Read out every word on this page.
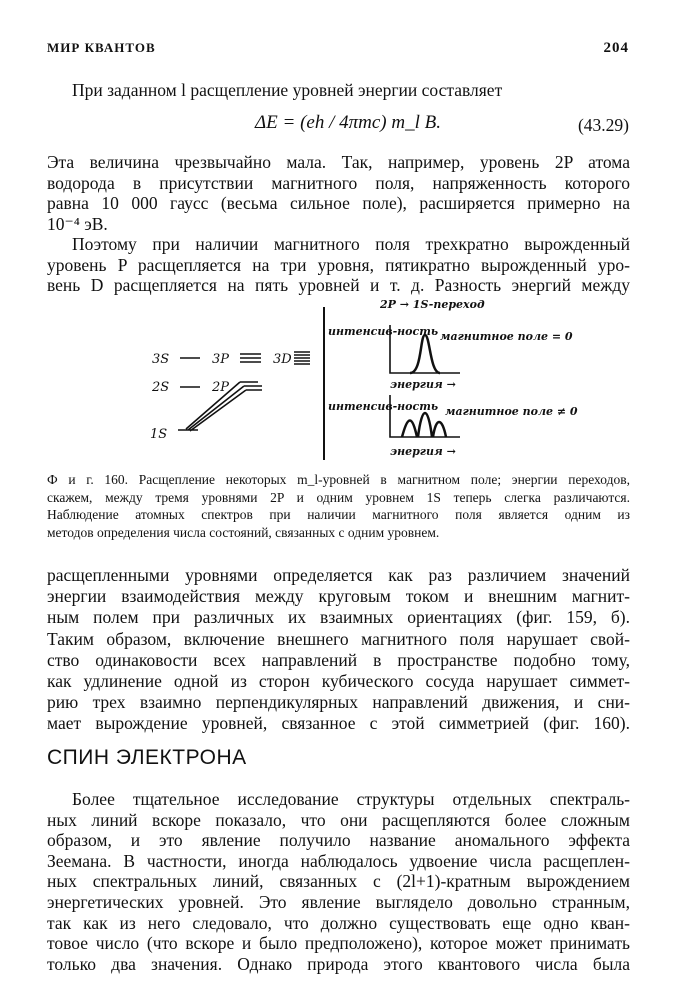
МИР КВАНТОВ	204
При заданном l расщепление уровней энергии составляет
ΔE = (eh / 4πmc) m_l B.	(43.29)
Эта величина чрезвычайно мала. Так, например, уровень 2P атома
водорода в присутствии магнитного поля, напряженность которого
равна 10 000 гаусс (весьма сильное поле), расширяется примерно на
10⁻⁴ эВ.
Поэтому при наличии магнитного поля трехкратно вырожденный
уровень P расщепляется на три уровня, пятикратно вырожденный уро-
вень D расщепляется на пять уровней и т. д. Разность энергий между
3S	3P	3D
2S	2P
1S
2P → 1S-переход
интенсив-ность магнитное поле = 0
энергия →
интенсив-ность магнитное поле ≠ 0
энергия →
Ф и г. 160. Расщепление некоторых m_l-уровней в магнитном поле; энергии переходов,
скажем, между тремя уровнями 2P и одним уровнем 1S теперь слегка различаются.
Наблюдение атомных спектров при наличии магнитного поля является одним из
методов определения числа состояний, связанных с одним уровнем.
расщепленными уровнями определяется как раз различием значений
энергии взаимодействия между круговым током и внешним магнит-
ным полем при различных их взаимных ориентациях (фиг. 159, б).
Таким образом, включение внешнего магнитного поля нарушает свой-
ство одинаковости всех направлений в пространстве подобно тому,
как удлинение одной из сторон кубического сосуда нарушает симмет-
рию трех взаимно перпендикулярных направлений движения, и сни-
мает вырождение уровней, связанное с этой симметрией (фиг. 160).
СПИН ЭЛЕКТРОНА
Более тщательное исследование структуры отдельных спектраль-
ных линий вскоре показало, что они расщепляются более сложным
образом, и это явление получило название аномального эффекта
Зеемана. В частности, иногда наблюдалось удвоение числа расщеплен-
ных спектральных линий, связанных с (2l+1)-кратным вырождением
энергетических уровней. Это явление выглядело довольно странным,
так как из него следовало, что должно существовать еще одно кван-
товое число (что вскоре и было предположено), которое может принимать
только два значения. Однако природа этого квантового числа была
